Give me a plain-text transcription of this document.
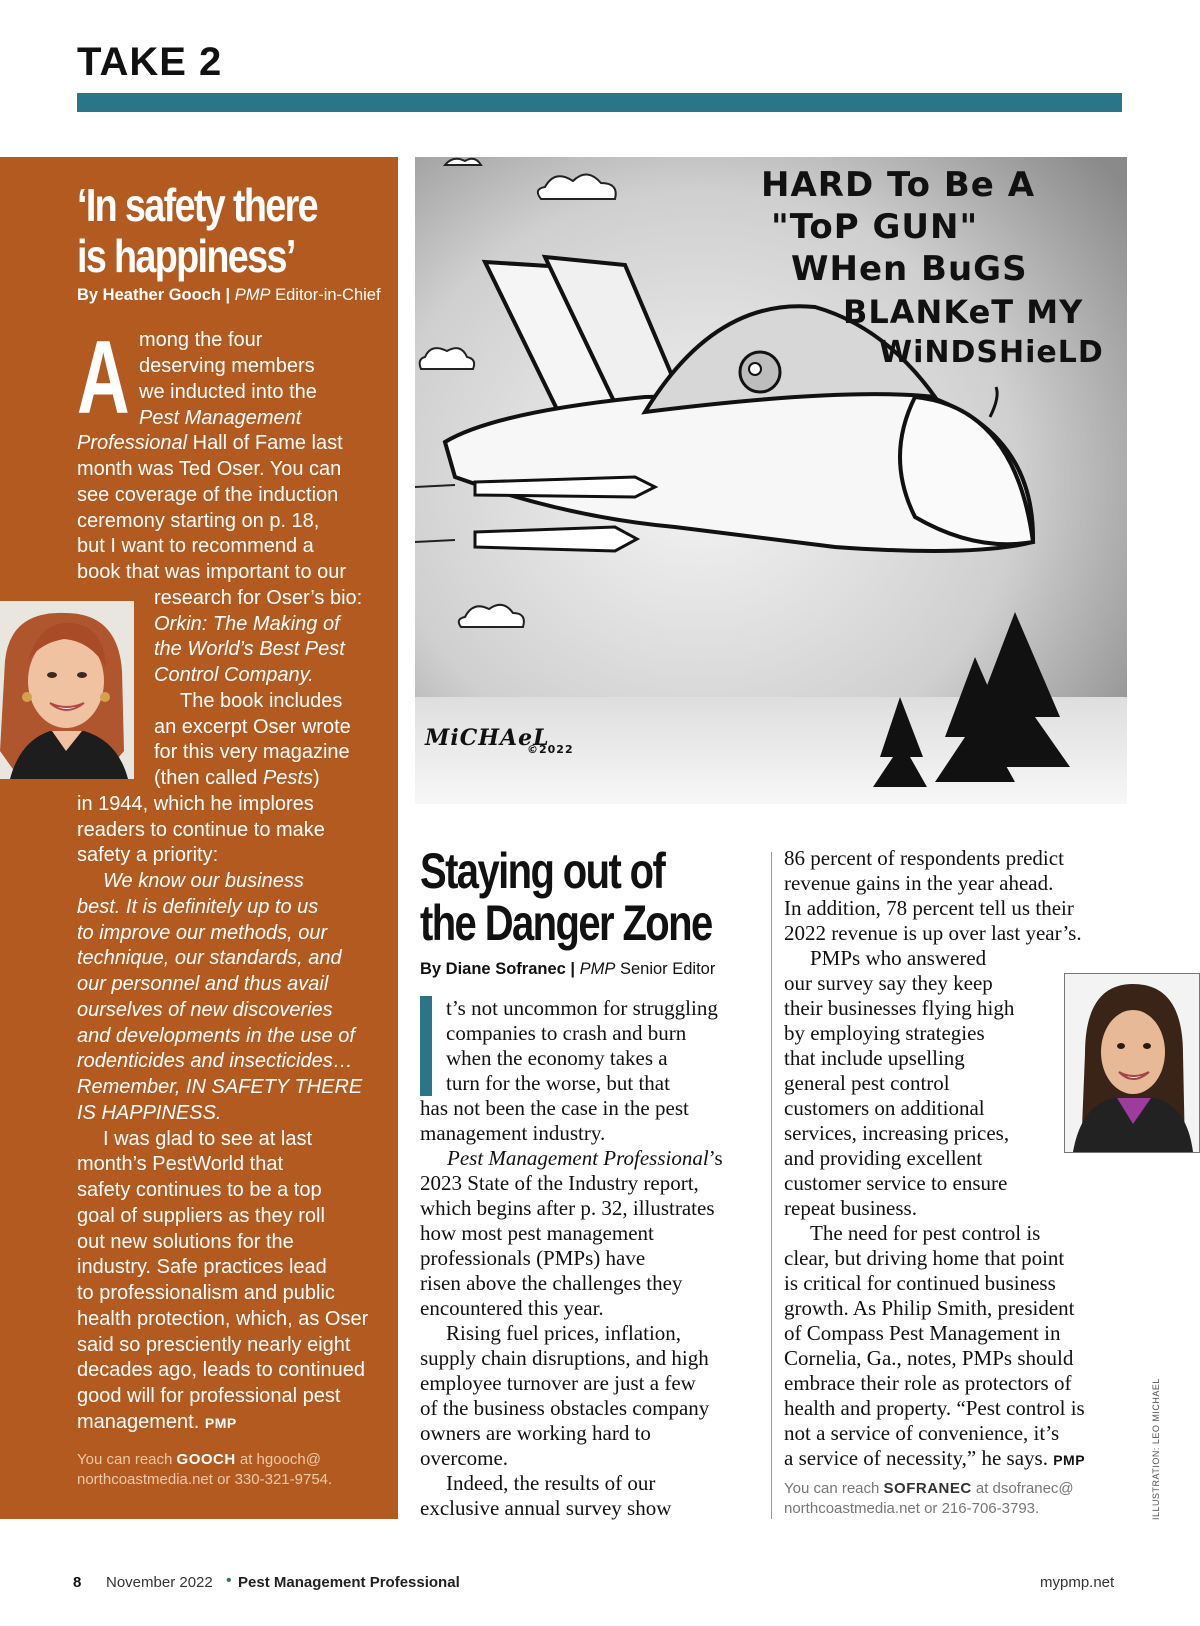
TAKE 2
‘In safety there
is happiness’
By Heather Gooch | PMP Editor-in-Chief
A mong the four
deserving members
we inducted into the
Pest Management
Professional Hall of Fame last
month was Ted Oser. You can
see coverage of the induction
ceremony starting on p. 18,
but I want to recommend a
book that was important to our
research for Oser’s bio:
Orkin: The Making of
the World’s Best Pest
Control Company.
The book includes
an excerpt Oser wrote
for this very magazine
(then called Pests)
in 1944, which he implores
readers to continue to make
safety a priority:
We know our business
best. It is definitely up to us
to improve our methods, our
technique, our standards, and
our personnel and thus avail
ourselves of new discoveries
and developments in the use of
rodenticides and insecticides…
Remember, IN SAFETY THERE
IS HAPPINESS.
I was glad to see at last
month’s PestWorld that
safety continues to be a top
goal of suppliers as they roll
out new solutions for the
industry. Safe practices lead
to professionalism and public
health protection, which, as Oser
said so presciently nearly eight
decades ago, leads to continued
good will for professional pest
management. PMP
You can reach GOOCH at hgooch@
northcoastmedia.net or 330-321-9754.
HARD To Be A
"ToP GUN"
WHen BuGS
BLANKeT MY
WiNDSHieLD
MiCHAeL
©2022
Staying out of
the Danger Zone
By Diane Sofranec | PMP Senior Editor
t’s not uncommon for struggling
companies to crash and burn
when the economy takes a
turn for the worse, but that
has not been the case in the pest
management industry.
Pest Management Professional’s
2023 State of the Industry report,
which begins after p. 32, illustrates
how most pest management
professionals (PMPs) have
risen above the challenges they
encountered this year.
Rising fuel prices, inflation,
supply chain disruptions, and high
employee turnover are just a few
of the business obstacles company
owners are working hard to
overcome.
Indeed, the results of our
exclusive annual survey show
86 percent of respondents predict
revenue gains in the year ahead.
In addition, 78 percent tell us their
2022 revenue is up over last year’s.
PMPs who answered
our survey say they keep
their businesses flying high
by employing strategies
that include upselling
general pest control
customers on additional
services, increasing prices,
and providing excellent
customer service to ensure
repeat business.
The need for pest control is
clear, but driving home that point
is critical for continued business
growth. As Philip Smith, president
of Compass Pest Management in
Cornelia, Ga., notes, PMPs should
embrace their role as protectors of
health and property. “Pest control is
not a service of convenience, it’s
a service of necessity,” he says. PMP
You can reach SOFRANEC at dsofranec@
northcoastmedia.net or 216-706-3793.	ILLUSTRATION: LEO MICHAEL
8 November 2022 • Pest Management Professional	mypmp.net
